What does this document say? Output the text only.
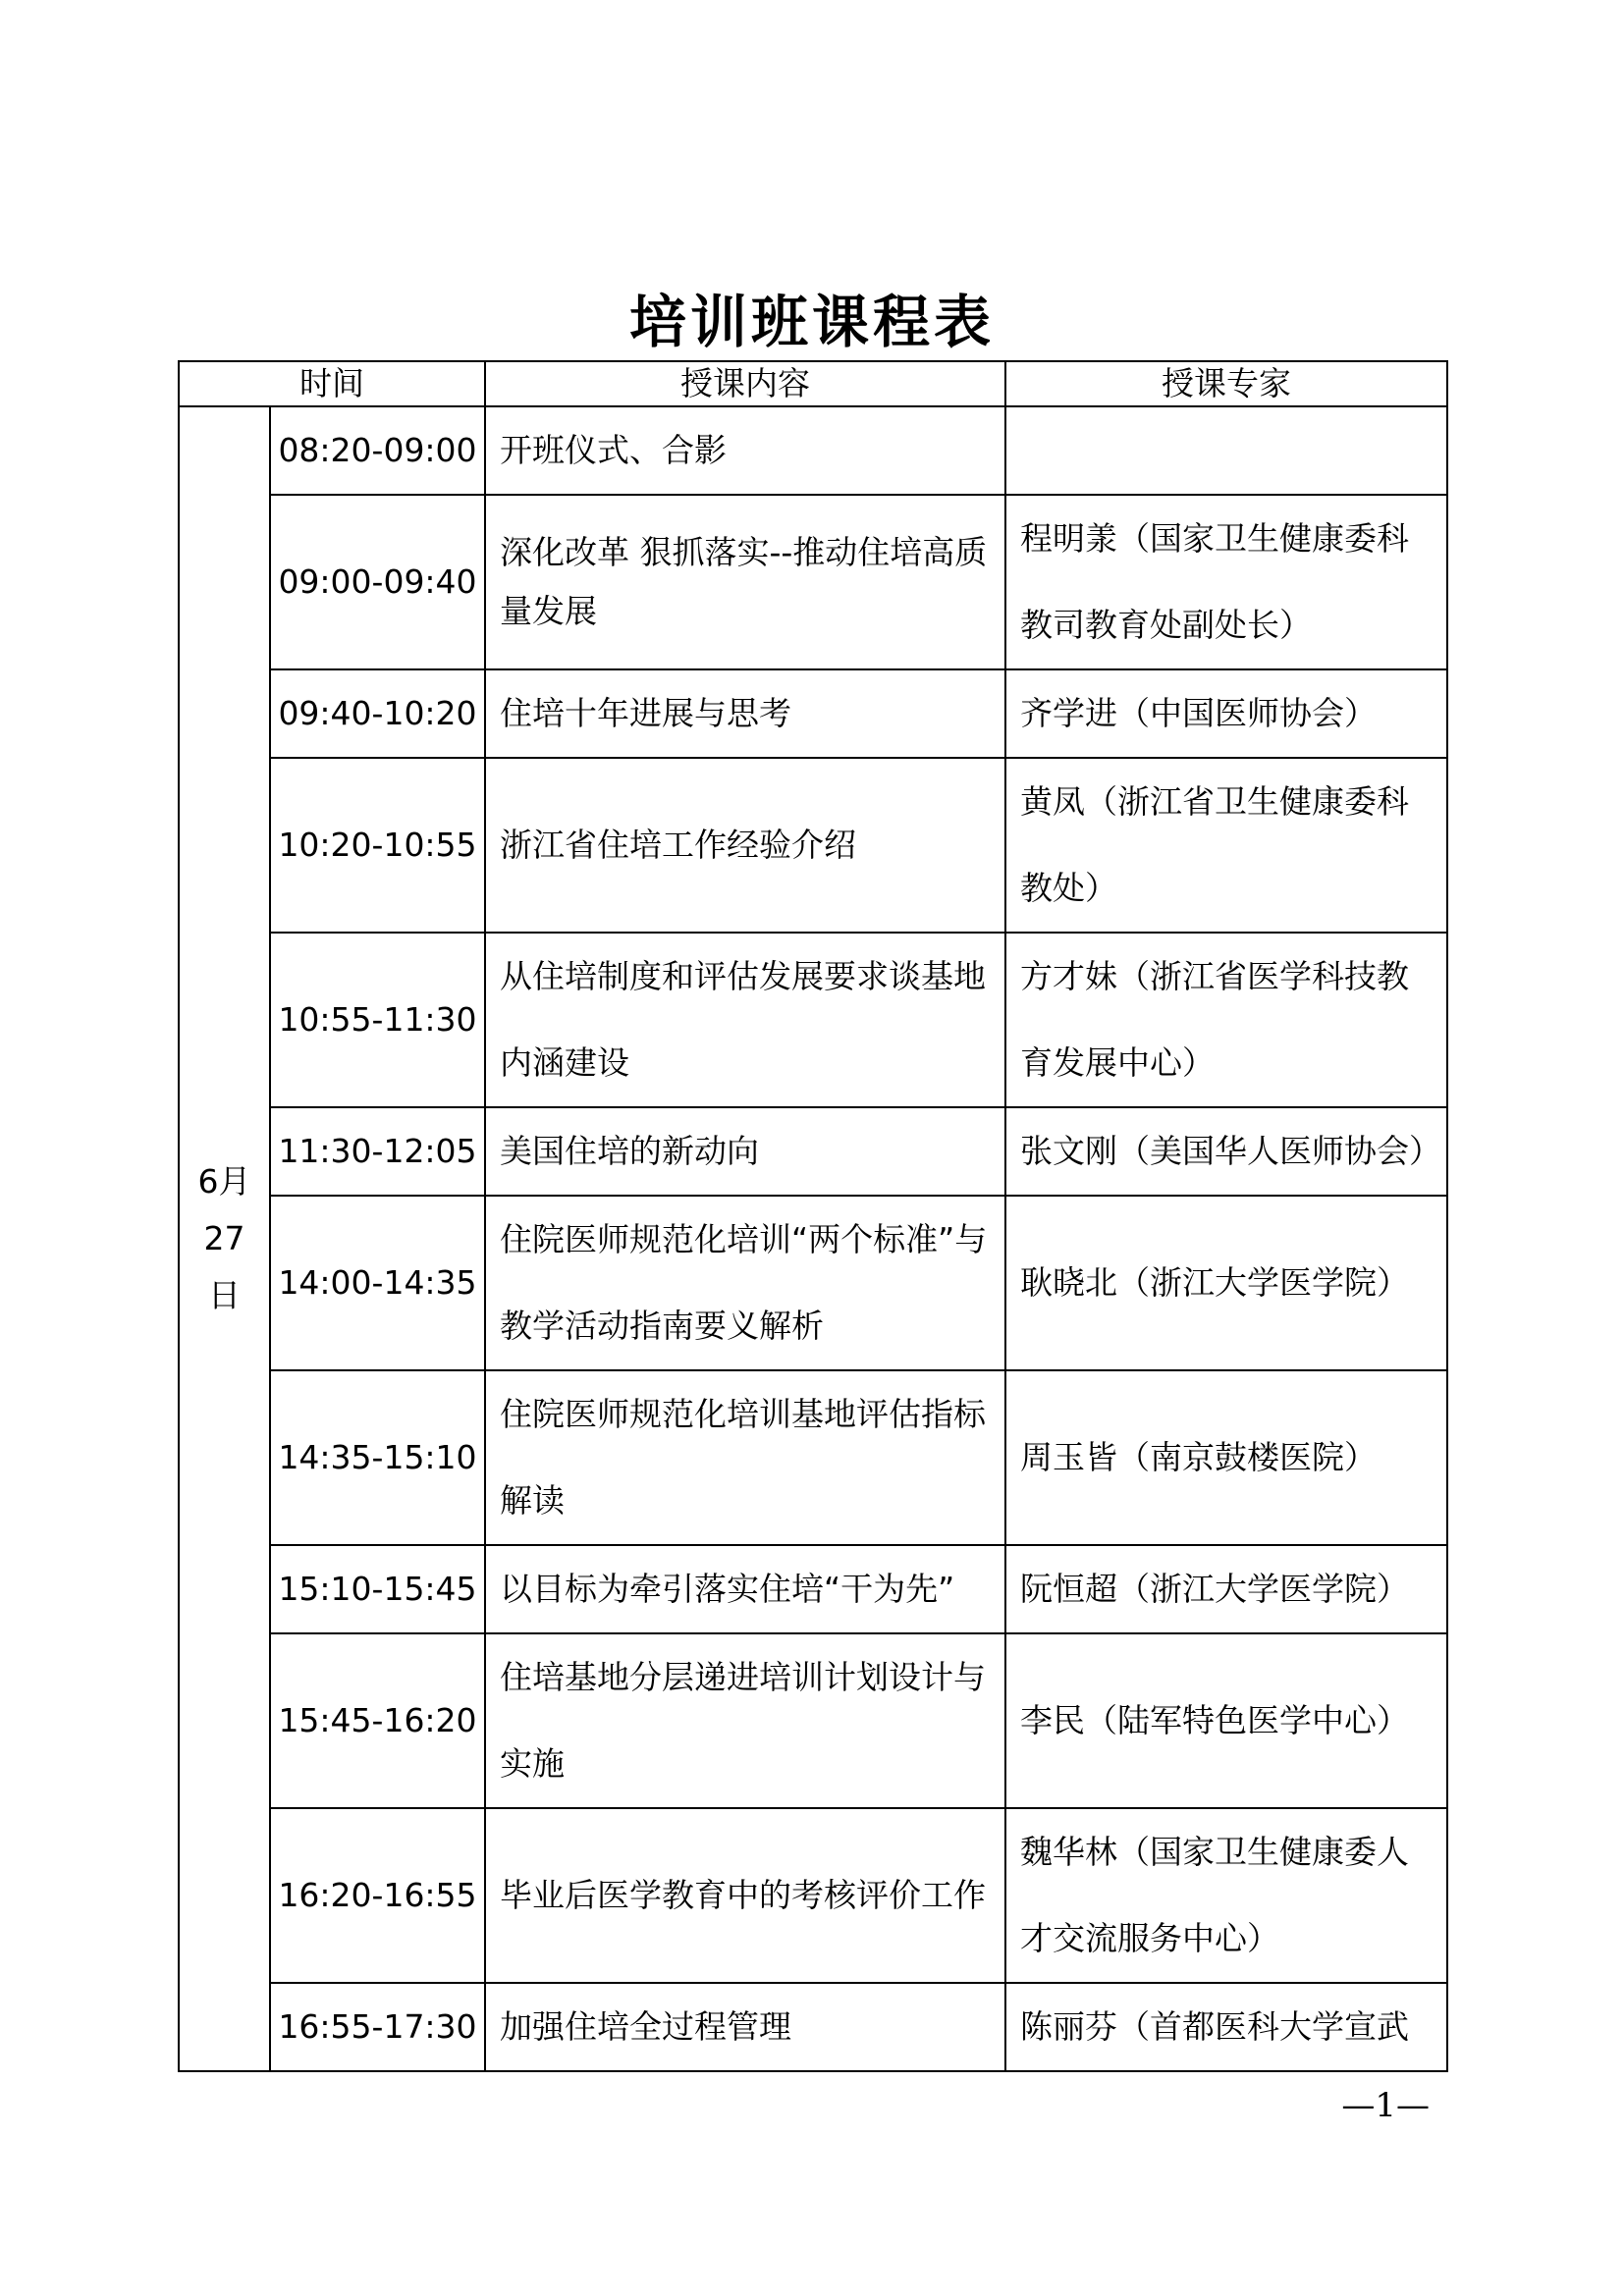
培训班课程表
时间		授课内容	授课专家
6月27日	08:20-09:00	开班仪式、合影	
	09:00-09:40	深化改革 狠抓落实--推动住培高质量发展	程明羕（国家卫生健康委科教司教育处副处长）
	09:40-10:20	住培十年进展与思考	齐学进（中国医师协会）
	10:20-10:55	浙江省住培工作经验介绍	黄凤（浙江省卫生健康委科教处）
	10:55-11:30	从住培制度和评估发展要求谈基地内涵建设	方才妹（浙江省医学科技教育发展中心）
	11:30-12:05	美国住培的新动向	张文刚（美国华人医师协会）
	14:00-14:35	住院医师规范化培训“两个标准”与教学活动指南要义解析	耿晓北（浙江大学医学院）
	14:35-15:10	住院医师规范化培训基地评估指标解读	周玉皆（南京鼓楼医院）
	15:10-15:45	以目标为牵引落实住培“干为先”	阮恒超（浙江大学医学院）
	15:45-16:20	住培基地分层递进培训计划设计与实施	李民（陆军特色医学中心）
	16:20-16:55	毕业后医学教育中的考核评价工作	魏华林（国家卫生健康委人才交流服务中心）
	16:55-17:30	加强住培全过程管理	陈丽芬（首都医科大学宣武
—1—
